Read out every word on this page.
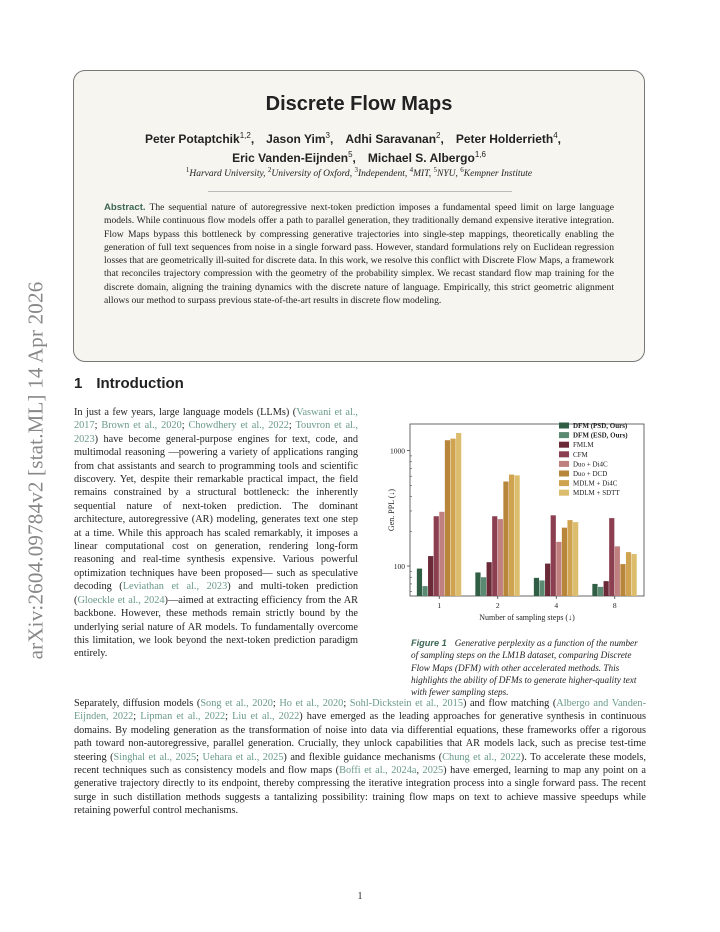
arXiv:2604.09784v2 [stat.ML] 14 Apr 2026
Discrete Flow Maps
Peter Potaptchik$^{1,2}$, Jason Yim$^3$, Adhi Saravanan$^2$, Peter Holderrieth$^4$, 
Eric Vanden-Eijnden$^5$, Michael S. Albergo$^{1,6}$
$^1$Harvard University, $^2$University of Oxford, $^3$Independent, $^4$MIT, $^5$NYU, $^6$Kempner Institute
Abstract. The sequential nature of autoregressive next-token prediction imposes a fundamental speed limit on large language models. While continuous flow models offer a path to parallel generation, they traditionally demand expensive iterative integration. Flow Maps bypass this bottleneck by compressing generative trajectories into single-step mappings, theoretically enabling the generation of full text sequences from noise in a single forward pass. However, standard formulations rely on Euclidean regression losses that are geometrically ill-suited for discrete data. In this work, we resolve this conflict with Discrete Flow Maps, a framework that reconciles trajectory compression with the geometry of the probability simplex. We recast standard flow map training for the discrete domain, aligning the training dynamics with the discrete nature of language. Empirically, this strict geometric alignment allows our method to surpass previous state-of-the-art results in discrete flow modeling.
1 Introduction
In just a few years, large language models (LLMs) (Vaswani et al., 2017; Brown et al., 2020; Chowdhery et al., 2022; Touvron et al., 2023) have become general-purpose engines for text, code, and multimodal reasoning —powering a variety of applications ranging from chat assistants and search to programming tools and scientific discovery. Yet, despite their remarkable practical impact, the field remains constrained by a structural bottleneck: the inherently sequential nature of next-token prediction. The dominant architecture, autoregressive (AR) modeling, generates text one step at a time. While this approach has scaled remarkably, it imposes a linear computational cost on generation, rendering long-form reasoning and real-time synthesis expensive. Various powerful optimization techniques have been proposed— such as speculative decoding (Leviathan et al., 2023) and multi-token prediction (Gloeckle et al., 2024)—aimed at extracting efficiency from the AR backbone. However, these methods remain strictly bound by the underlying serial nature of AR models. To fundamentally overcome this limitation, we look beyond the next-token prediction paradigm entirely.
100
1000
Gen. PPL (↓)
1	2	4	8
Number of sampling steps (↓)
DFM (PSD, Ours)
DFM (ESD, Ours)
FMLM
CFM
Duo + Di4C
Duo + DCD
MDLM + Di4C
MDLM + SDTT
Figure 1 Generative perplexity as a function of the number of sampling steps on the LM1B dataset, comparing Discrete Flow Maps (DFM) with other accelerated methods. This highlights the ability of DFMs to generate higher-quality text with fewer sampling steps.
Separately, diffusion models (Song et al., 2020; Ho et al., 2020; Sohl-Dickstein et al., 2015) and flow matching (Albergo and Vanden-Eijnden, 2022; Lipman et al., 2022; Liu et al., 2022) have emerged as the leading approaches for generative synthesis in continuous domains. By modeling generation as the transformation of noise into data via differential equations, these frameworks offer a rigorous path toward non-autoregressive, parallel generation. Crucially, they unlock capabilities that AR models lack, such as precise test-time steering (Singhal et al., 2025; Uehara et al., 2025) and flexible guidance mechanisms (Chung et al., 2022). To accelerate these models, recent techniques such as consistency models and flow maps (Boffi et al., 2024a, 2025) have emerged, learning to map any point on a generative trajectory directly to its endpoint, thereby compressing the iterative integration process into a single forward pass. The recent surge in such distillation methods suggests a tantalizing possibility: training flow maps on text to achieve massive speedups while retaining powerful control mechanisms.
1
